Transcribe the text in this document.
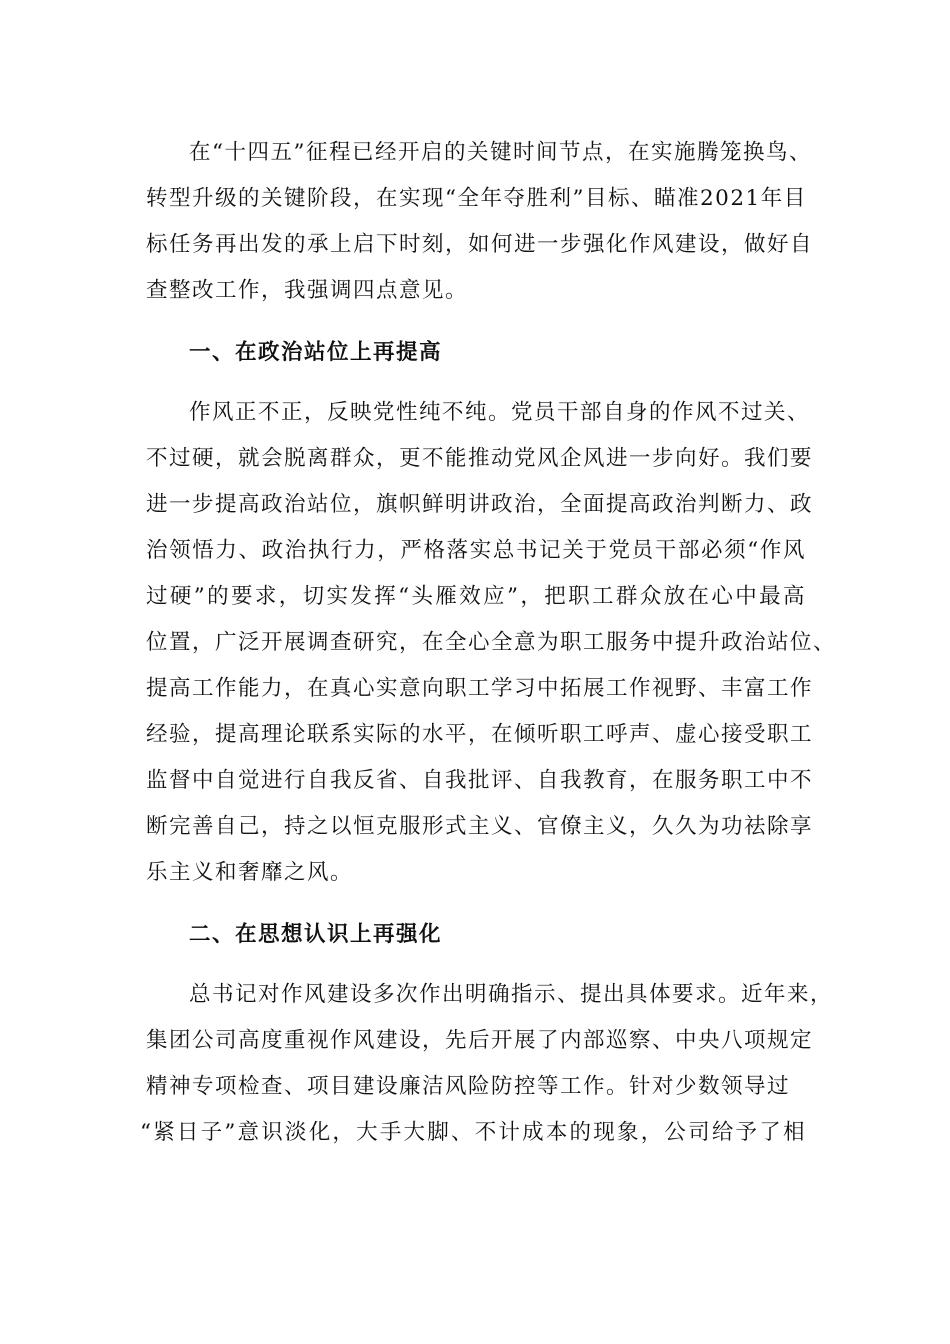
在“十四五”征程已经开启的关键时间节点，在实施腾笼换鸟、
转型升级的关键阶段，在实现“全年夺胜利”目标、瞄准2021年目
标任务再出发的承上启下时刻，如何进一步强化作风建设，做好自
查整改工作，我强调四点意见。
一、在政治站位上再提高
作风正不正，反映党性纯不纯。党员干部自身的作风不过关、
不过硬，就会脱离群众，更不能推动党风企风进一步向好。我们要
进一步提高政治站位，旗帜鲜明讲政治，全面提高政治判断力、政
治领悟力、政治执行力，严格落实总书记关于党员干部必须“作风
过硬”的要求，切实发挥“头雁效应”，把职工群众放在心中最高
位置，广泛开展调查研究，在全心全意为职工服务中提升政治站位、
提高工作能力，在真心实意向职工学习中拓展工作视野、丰富工作
经验，提高理论联系实际的水平，在倾听职工呼声、虚心接受职工
监督中自觉进行自我反省、自我批评、自我教育，在服务职工中不
断完善自己，持之以恒克服形式主义、官僚主义，久久为功祛除享
乐主义和奢靡之风。
二、在思想认识上再强化
总书记对作风建设多次作出明确指示、提出具体要求。近年来，
集团公司高度重视作风建设，先后开展了内部巡察、中央八项规定
精神专项检查、项目建设廉洁风险防控等工作。针对少数领导过
“紧日子”意识淡化，大手大脚、不计成本的现象，公司给予了相
